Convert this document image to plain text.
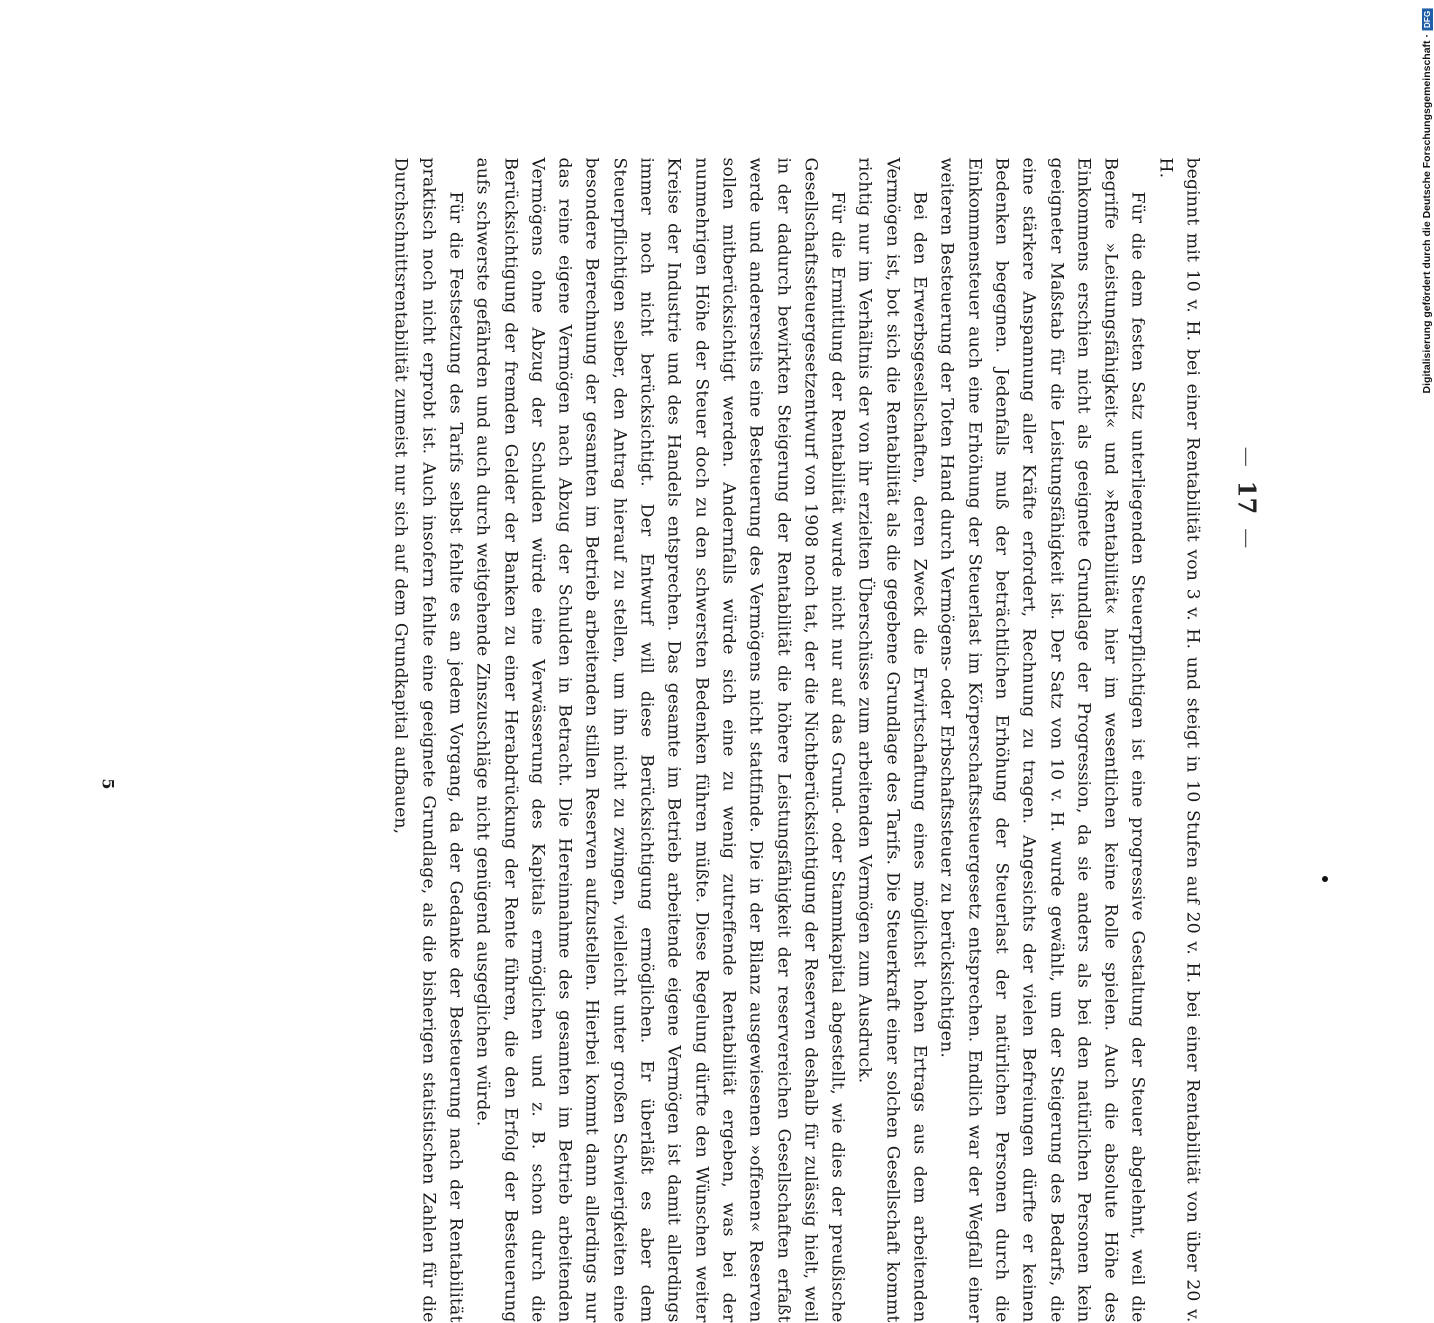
—
17
—

beginnt mit 10 v. H. bei einer Rentabilität von 3 v. H. und steigt in 10 Stufen auf 20 v. H. bei einer Rentabilität von über 20 v. H.

Für die dem festen Satz unterliegenden Steuerpflichtigen ist eine progressive Gestaltung der Steuer abgelehnt, weil die Begriffe »Leistungsfähigkeit« und »Rentabilität« hier im wesentlichen keine Rolle spielen. Auch die absolute Höhe des Einkommens erschien nicht als geeignete Grundlage der Progression, da sie anders als bei den natürlichen Personen kein geeigneter Maßstab für die Leistungsfähigkeit ist. Der Satz von 10 v. H. wurde gewählt, um der Steigerung des Bedarfs, die eine stärkere Anspannung aller Kräfte erfordert, Rechnung zu tragen. Angesichts der vielen Befreiungen dürfte er keinen Bedenken begegnen. Jedenfalls muß der beträchtlichen Erhöhung der Steuerlast der natürlichen Personen durch die Einkommensteuer auch eine Erhöhung der Steuerlast im Körperschaftssteuergesetz entsprechen. Endlich war der Wegfall einer weiteren Besteuerung der Toten Hand durch Vermögens- oder Erbschaftssteuer zu berücksichtigen.

Bei den Erwerbsgesellschaften, deren Zweck die Erwirtschaftung eines möglichst hohen Ertrags aus dem arbeitenden Vermögen ist, bot sich die Rentabilität als die gegebene Grundlage des Tarifs. Die Steuerkraft einer solchen Gesellschaft kommt richtig nur im Verhältnis der von ihr erzielten Überschüsse zum arbeitenden Vermögen zum Ausdruck.

Für die Ermittlung der Rentabilität wurde nicht nur auf das Grund- oder Stammkapital abgestellt, wie dies der preußische Gesellschaftssteuergesetzentwurf von 1908 noch tat, der die Nichtberücksichtigung der Reserven deshalb für zulässig hielt, weil in der dadurch bewirkten Steigerung der Rentabilität die höhere Leistungsfähigkeit der reservereichen Gesellschaften erfaßt werde und andererseits eine Besteuerung des Vermögens nicht stattfinde. Die in der Bilanz ausgewiesenen »offenen« Reserven sollen mitberücksichtigt werden. Andernfalls würde sich eine zu wenig zutreffende Rentabilität ergeben, was bei der nunmehrigen Höhe der Steuer doch zu den schwersten Bedenken führen müßte. Diese Regelung dürfte den Wünschen weiter Kreise der Industrie und des Handels entsprechen. Das gesamte im Betrieb arbeitende eigene Vermögen ist damit allerdings immer noch nicht berücksichtigt. Der Entwurf will diese Berücksichtigung ermöglichen. Er überläßt es aber dem Steuerpflichtigen selber, den Antrag hierauf zu stellen, um ihn nicht zu zwingen, vielleicht unter großen Schwierigkeiten eine besondere Berechnung der gesamten im Betrieb arbeitenden stillen Reserven aufzustellen. Hierbei kommt dann allerdings nur das reine eigene Vermögen nach Abzug der Schulden in Betracht. Die Hereinnahme des gesamten im Betrieb arbeitenden Vermögens ohne Abzug der Schulden würde eine Verwässerung des Kapitals ermöglichen und z. B. schon durch die Berücksichtigung der fremden Gelder der Banken zu einer Herabdrückung der Rente führen, die den Erfolg der Besteuerung aufs schwerste gefährden und auch durch weitgehende Zinszuschläge nicht genügend ausgeglichen würde.

Für die Festsetzung des Tarifs selbst fehlte es an jedem Vorgang, da der Gedanke der Besteuerung nach der Rentabilität praktisch noch nicht erprobt ist. Auch insofern fehlte eine geeignete Grundlage, als die bisherigen statistischen Zahlen für die Durchschnittsrentabilität zumeist nur sich auf dem Grundkapital aufbauen,

5
Digitalisierung gefördert durch die Deutsche Forschungsgemeinschaft ·
DFG
